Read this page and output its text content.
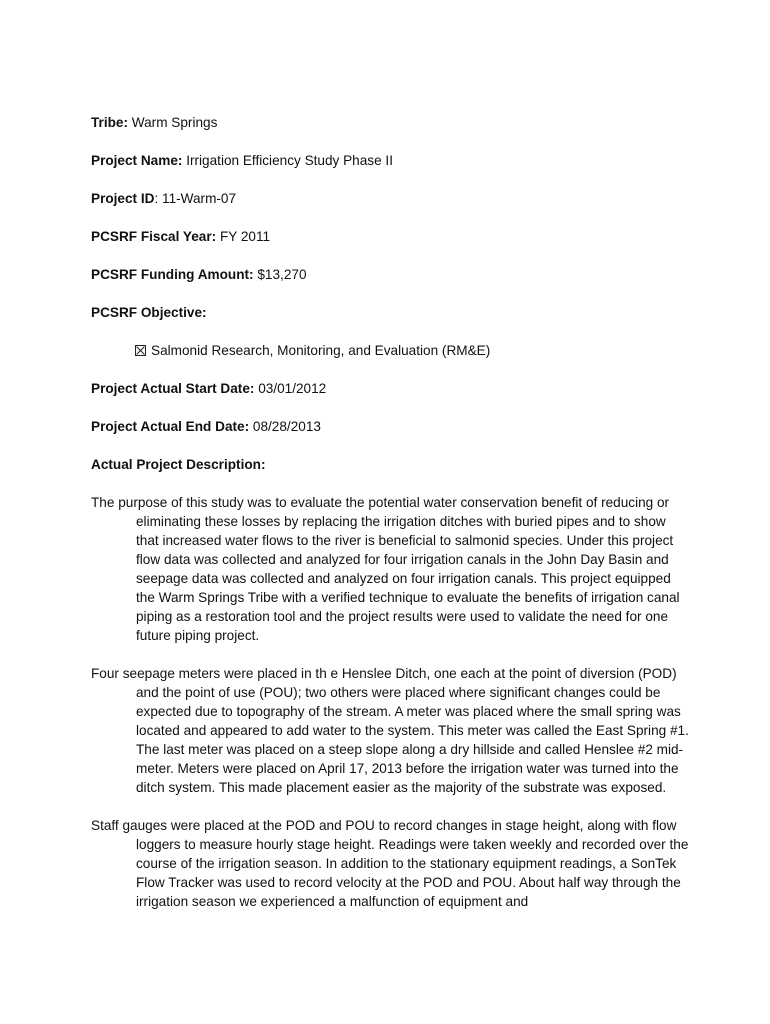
Tribe: Warm Springs
Project Name: Irrigation Efficiency Study Phase II
Project ID: 11-Warm-07
PCSRF Fiscal Year: FY 2011
PCSRF Funding Amount: $13,270
PCSRF Objective:
Salmonid Research, Monitoring, and Evaluation (RM&E)
Project Actual Start Date: 03/01/2012
Project Actual End Date: 08/28/2013
Actual Project Description:

The purpose of this study was to evaluate the potential water conservation benefit of reducing or eliminating these losses by replacing the irrigation ditches with buried pipes and to show that increased water flows to the river is beneficial to salmonid species. Under this project flow data was collected and analyzed for four irrigation canals in the John Day Basin and seepage data was collected and analyzed on four irrigation canals. This project equipped the Warm Springs Tribe with a verified technique to evaluate the benefits of irrigation canal piping as a restoration tool and the project results were used to validate the need for one future piping project.

Four seepage meters were placed in th e Henslee Ditch, one each at the point of diversion (POD) and the point of use (POU); two others were placed where significant changes could be expected due to topography of the stream. A meter was placed where the small spring was located and appeared to add water to the system. This meter was called the East Spring #1. The last meter was placed on a steep slope along a dry hillside and called Henslee #2 mid-meter. Meters were placed on April 17, 2013 before the irrigation water was turned into the ditch system. This made placement easier as the majority of the substrate was exposed.

Staff gauges were placed at the POD and POU to record changes in stage height, along with flow loggers to measure hourly stage height. Readings were taken weekly and recorded over the course of the irrigation season. In addition to the stationary equipment readings, a SonTek Flow Tracker was used to record velocity at the POD and POU. About half way through the irrigation season we experienced a malfunction of equipment and
